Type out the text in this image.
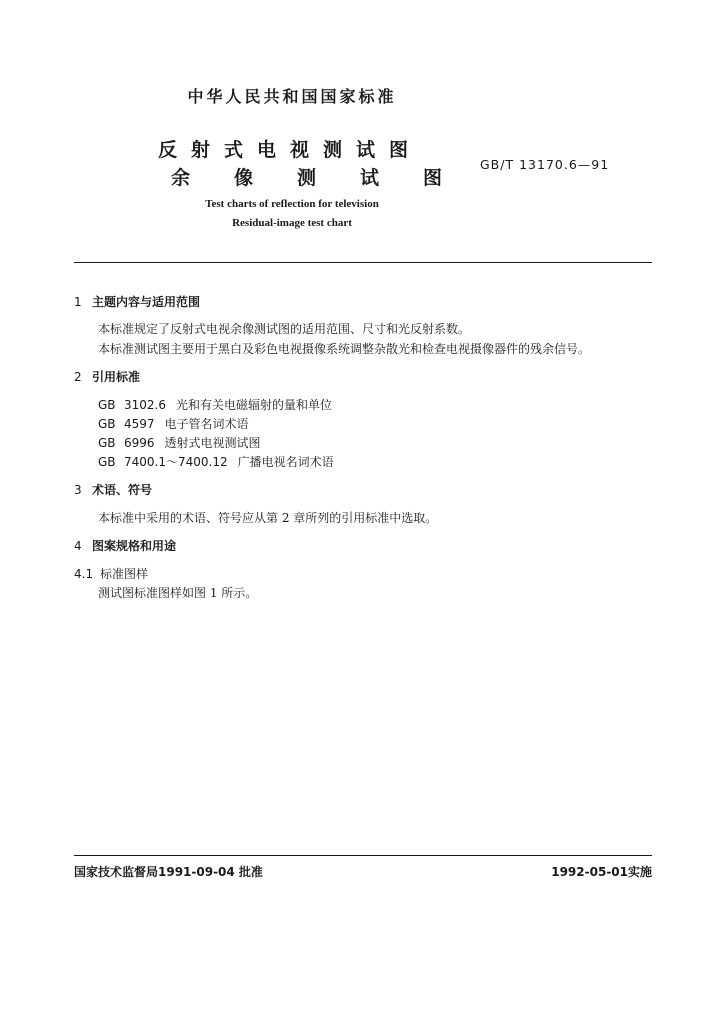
中华人民共和国国家标准
反射式电视测试图
余像测试图
GB/T 13170.6—91
Test charts of reflection for television
Residual-image test chart
1 主题内容与适用范围
本标准规定了反射式电视余像测试图的适用范围、尺寸和光反射系数。
本标准测试图主要用于黑白及彩色电视摄像系统调整杂散光和检查电视摄像器件的残余信号。
2 引用标准
GB 3102.6 光和有关电磁辐射的量和单位
GB 4597 电子管名词术语
GB 6996 透射式电视测试图
GB 7400.1～7400.12 广播电视名词术语
3 术语、符号
本标准中采用的术语、符号应从第 2 章所列的引用标准中选取。
4 图案规格和用途
4.1 标准图样
测试图标准图样如图 1 所示。
国家技术监督局1991-09-04 批准	1992-05-01实施
